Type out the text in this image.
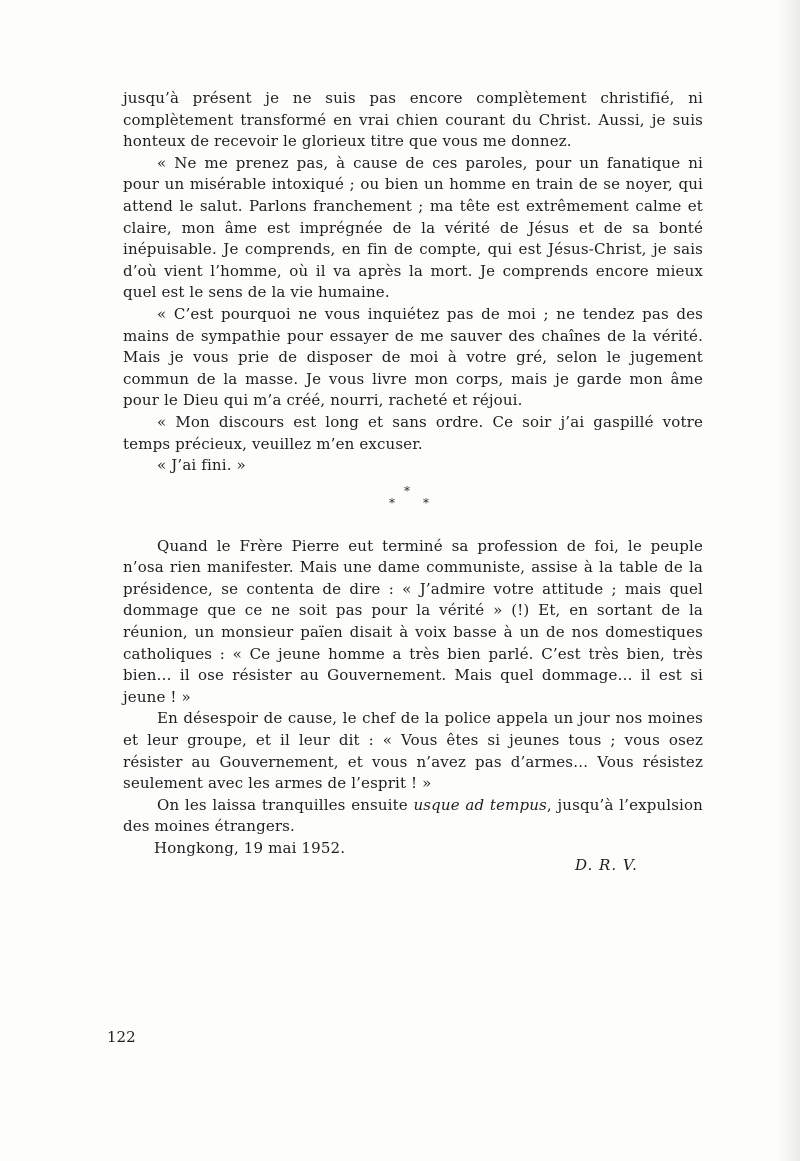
jusqu’à présent je ne suis pas encore complètement christifié, ni complètement transformé en vrai chien courant du Christ. Aussi, je suis honteux de recevoir le glorieux titre que vous me donnez.

« Ne me prenez pas, à cause de ces paroles, pour un fanatique ni pour un misérable intoxiqué ; ou bien un homme en train de se noyer, qui attend le salut. Parlons franchement ; ma tête est extrêmement calme et claire, mon âme est imprégnée de la vérité de Jésus et de sa bonté inépuisable. Je comprends, en fin de compte, qui est Jésus-Christ, je sais d’où vient l’homme, où il va après la mort. Je comprends encore mieux quel est le sens de la vie humaine.

« C’est pourquoi ne vous inquiétez pas de moi ; ne tendez pas des mains de sympathie pour essayer de me sauver des chaînes de la vérité. Mais je vous prie de disposer de moi à votre gré, selon le jugement commun de la masse. Je vous livre mon corps, mais je garde mon âme pour le Dieu qui m’a créé, nourri, racheté et réjoui.

« Mon discours est long et sans ordre. Ce soir j’ai gaspillé votre temps précieux, veuillez m’en excuser.

« J’ai fini. »

*
* *

Quand le Frère Pierre eut terminé sa profession de foi, le peuple n’osa rien manifester. Mais une dame communiste, assise à la table de la présidence, se contenta de dire : « J’admire votre attitude ; mais quel dommage que ce ne soit pas pour la vérité » (!) Et, en sortant de la réunion, un monsieur païen disait à voix basse à un de nos domestiques catholiques : « Ce jeune homme a très bien parlé. C’est très bien, très bien… il ose résister au Gouvernement. Mais quel dommage… il est si jeune ! »

En désespoir de cause, le chef de la police appela un jour nos moines et leur groupe, et il leur dit : « Vous êtes si jeunes tous ; vous osez résister au Gouvernement, et vous n’avez pas d’armes… Vous résistez seulement avec les armes de l’esprit ! »

On les laissa tranquilles ensuite usque ad tempus, jusqu’à l’expulsion des moines étrangers.

Hongkong, 19 mai 1952.

D. R. V.
122
